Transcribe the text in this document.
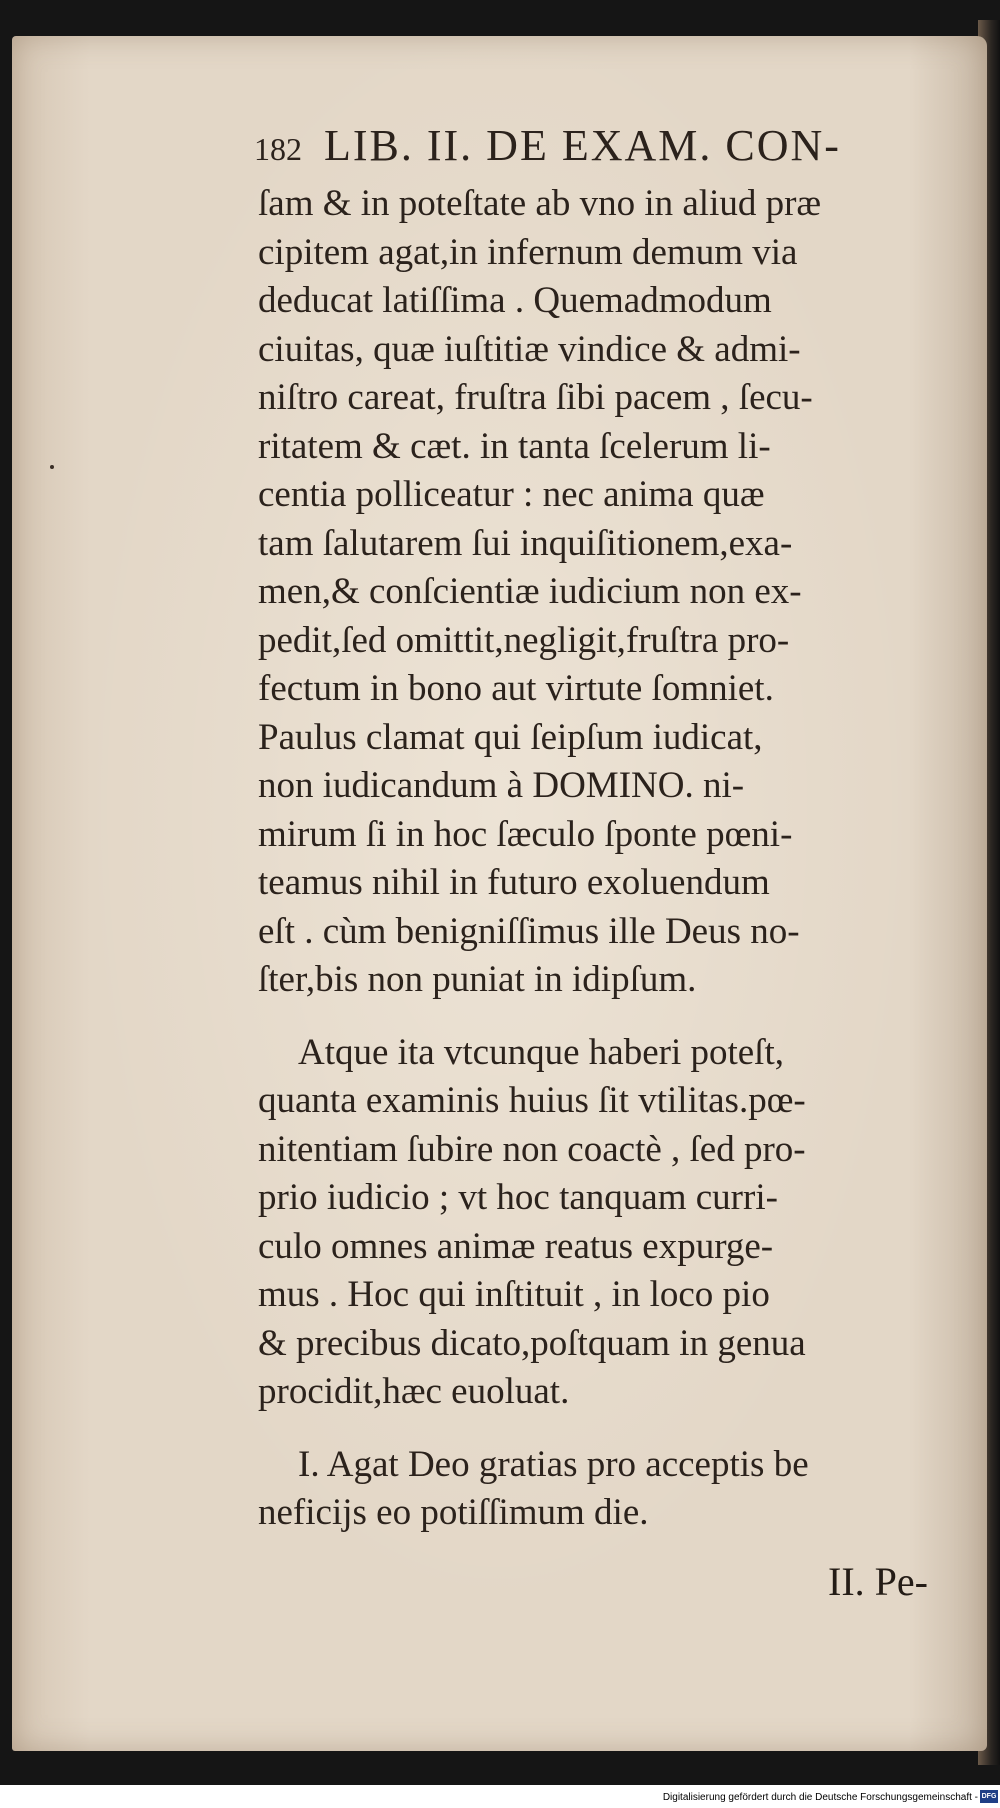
182 LIB. II. DE EXAM. CON-
ſam & in poteſtate ab vno in aliud præ
cipitem agat,in infernum demum via
deducat latiſſima . Quemadmodum
ciuitas, quæ iuſtitiæ vindice & admi-
niſtro careat, fruſtra ſibi pacem , ſecu-
ritatem & cæt. in tanta ſcelerum li-
centia polliceatur : nec anima quæ
tam ſalutarem ſui inquiſitionem,exa-
men,& conſcientiæ iudicium non ex-
pedit,ſed omittit,negligit,fruſtra pro-
fectum in bono aut virtute ſomniet.
Paulus clamat qui ſeipſum iudicat,
non iudicandum à DOMINO. ni-
mirum ſi in hoc ſæculo ſponte pœni-
teamus nihil in futuro exoluendum
eſt . cùm benigniſſimus ille Deus no-
ſter,bis non puniat in idipſum.
Atque ita vtcunque haberi poteſt,
quanta examinis huius ſit vtilitas.pœ-
nitentiam ſubire non coactè , ſed pro-
prio iudicio ; vt hoc tanquam curri-
culo omnes animæ reatus expurge-
mus . Hoc qui inſtituit , in loco pio
& precibus dicato,poſtquam in genua
procidit,hæc euoluat.
I. Agat Deo gratias pro acceptis be
neficijs eo potiſſimum die.
II. Pe-
Digitalisierung gefördert durch die Deutsche Forschungsgemeinschaft - DFG
